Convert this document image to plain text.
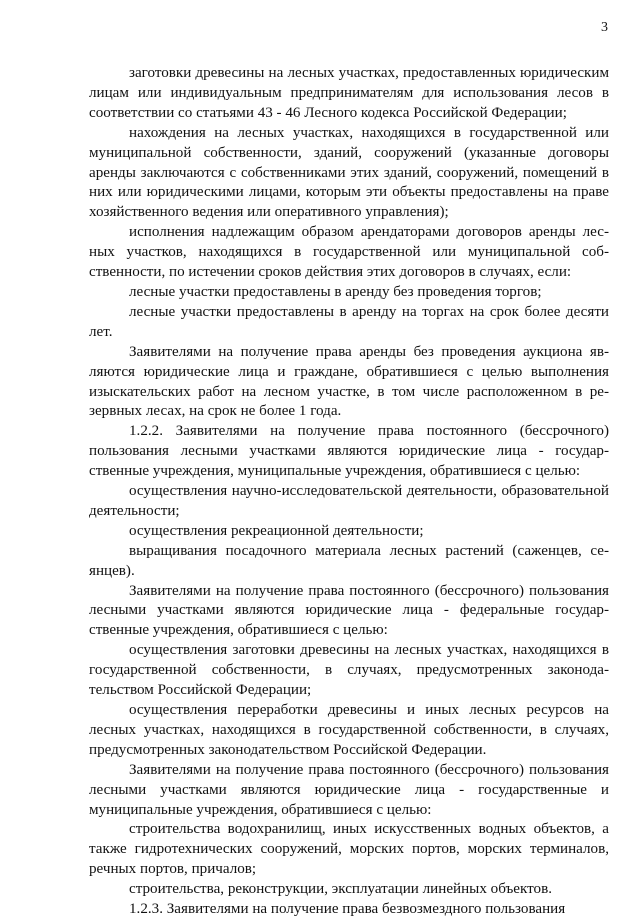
3

заготовки древесины на лесных участках, предоставленных юридическим лицам или индивидуальным предпринимателям для использования лесов в соответствии со статьями 43 - 46 Лесного кодекса Российской Федерации;

нахождения на лесных участках, находящихся в государственной или муниципальной собственности, зданий, сооружений (указанные договоры аренды заключаются с собственниками этих зданий, сооружений, помещений в них или юридическими лицами, которым эти объекты предоставлены на праве хозяйственного ведения или оперативного управления);

исполнения надлежащим образом арендаторами договоров аренды лесных участков, находящихся в государственной или муниципальной собственности, по истечении сроков действия этих договоров в случаях, если:

лесные участки предоставлены в аренду без проведения торгов;

лесные участки предоставлены в аренду на торгах на срок более десяти лет.

Заявителями на получение права аренды без проведения аукциона являются юридические лица и граждане, обратившиеся с целью выполнения изыскательских работ на лесном участке, в том числе расположенном в резервных лесах, на срок не более 1 года.

1.2.2. Заявителями на получение права постоянного (бессрочного) пользования лесными участками являются юридические лица - государственные учреждения, муниципальные учреждения, обратившиеся с целью:

осуществления научно-исследовательской деятельности, образовательной деятельности;

осуществления рекреационной деятельности;

выращивания посадочного материала лесных растений (саженцев, сеянцев).

Заявителями на получение права постоянного (бессрочного) пользования лесными участками являются юридические лица - федеральные государственные учреждения, обратившиеся с целью:

осуществления заготовки древесины на лесных участках, находящихся в государственной собственности, в случаях, предусмотренных законодательством Российской Федерации;

осуществления переработки древесины и иных лесных ресурсов на лесных участках, находящихся в государственной собственности, в случаях, предусмотренных законодательством Российской Федерации.

Заявителями на получение права постоянного (бессрочного) пользования лесными участками являются юридические лица - государственные и муниципальные учреждения, обратившиеся с целью:

строительства водохранилищ, иных искусственных водных объектов, а также гидротехнических сооружений, морских портов, морских терминалов, речных портов, причалов;

строительства, реконструкции, эксплуатации линейных объектов.

1.2.3. Заявителями на получение права безвозмездного пользования
